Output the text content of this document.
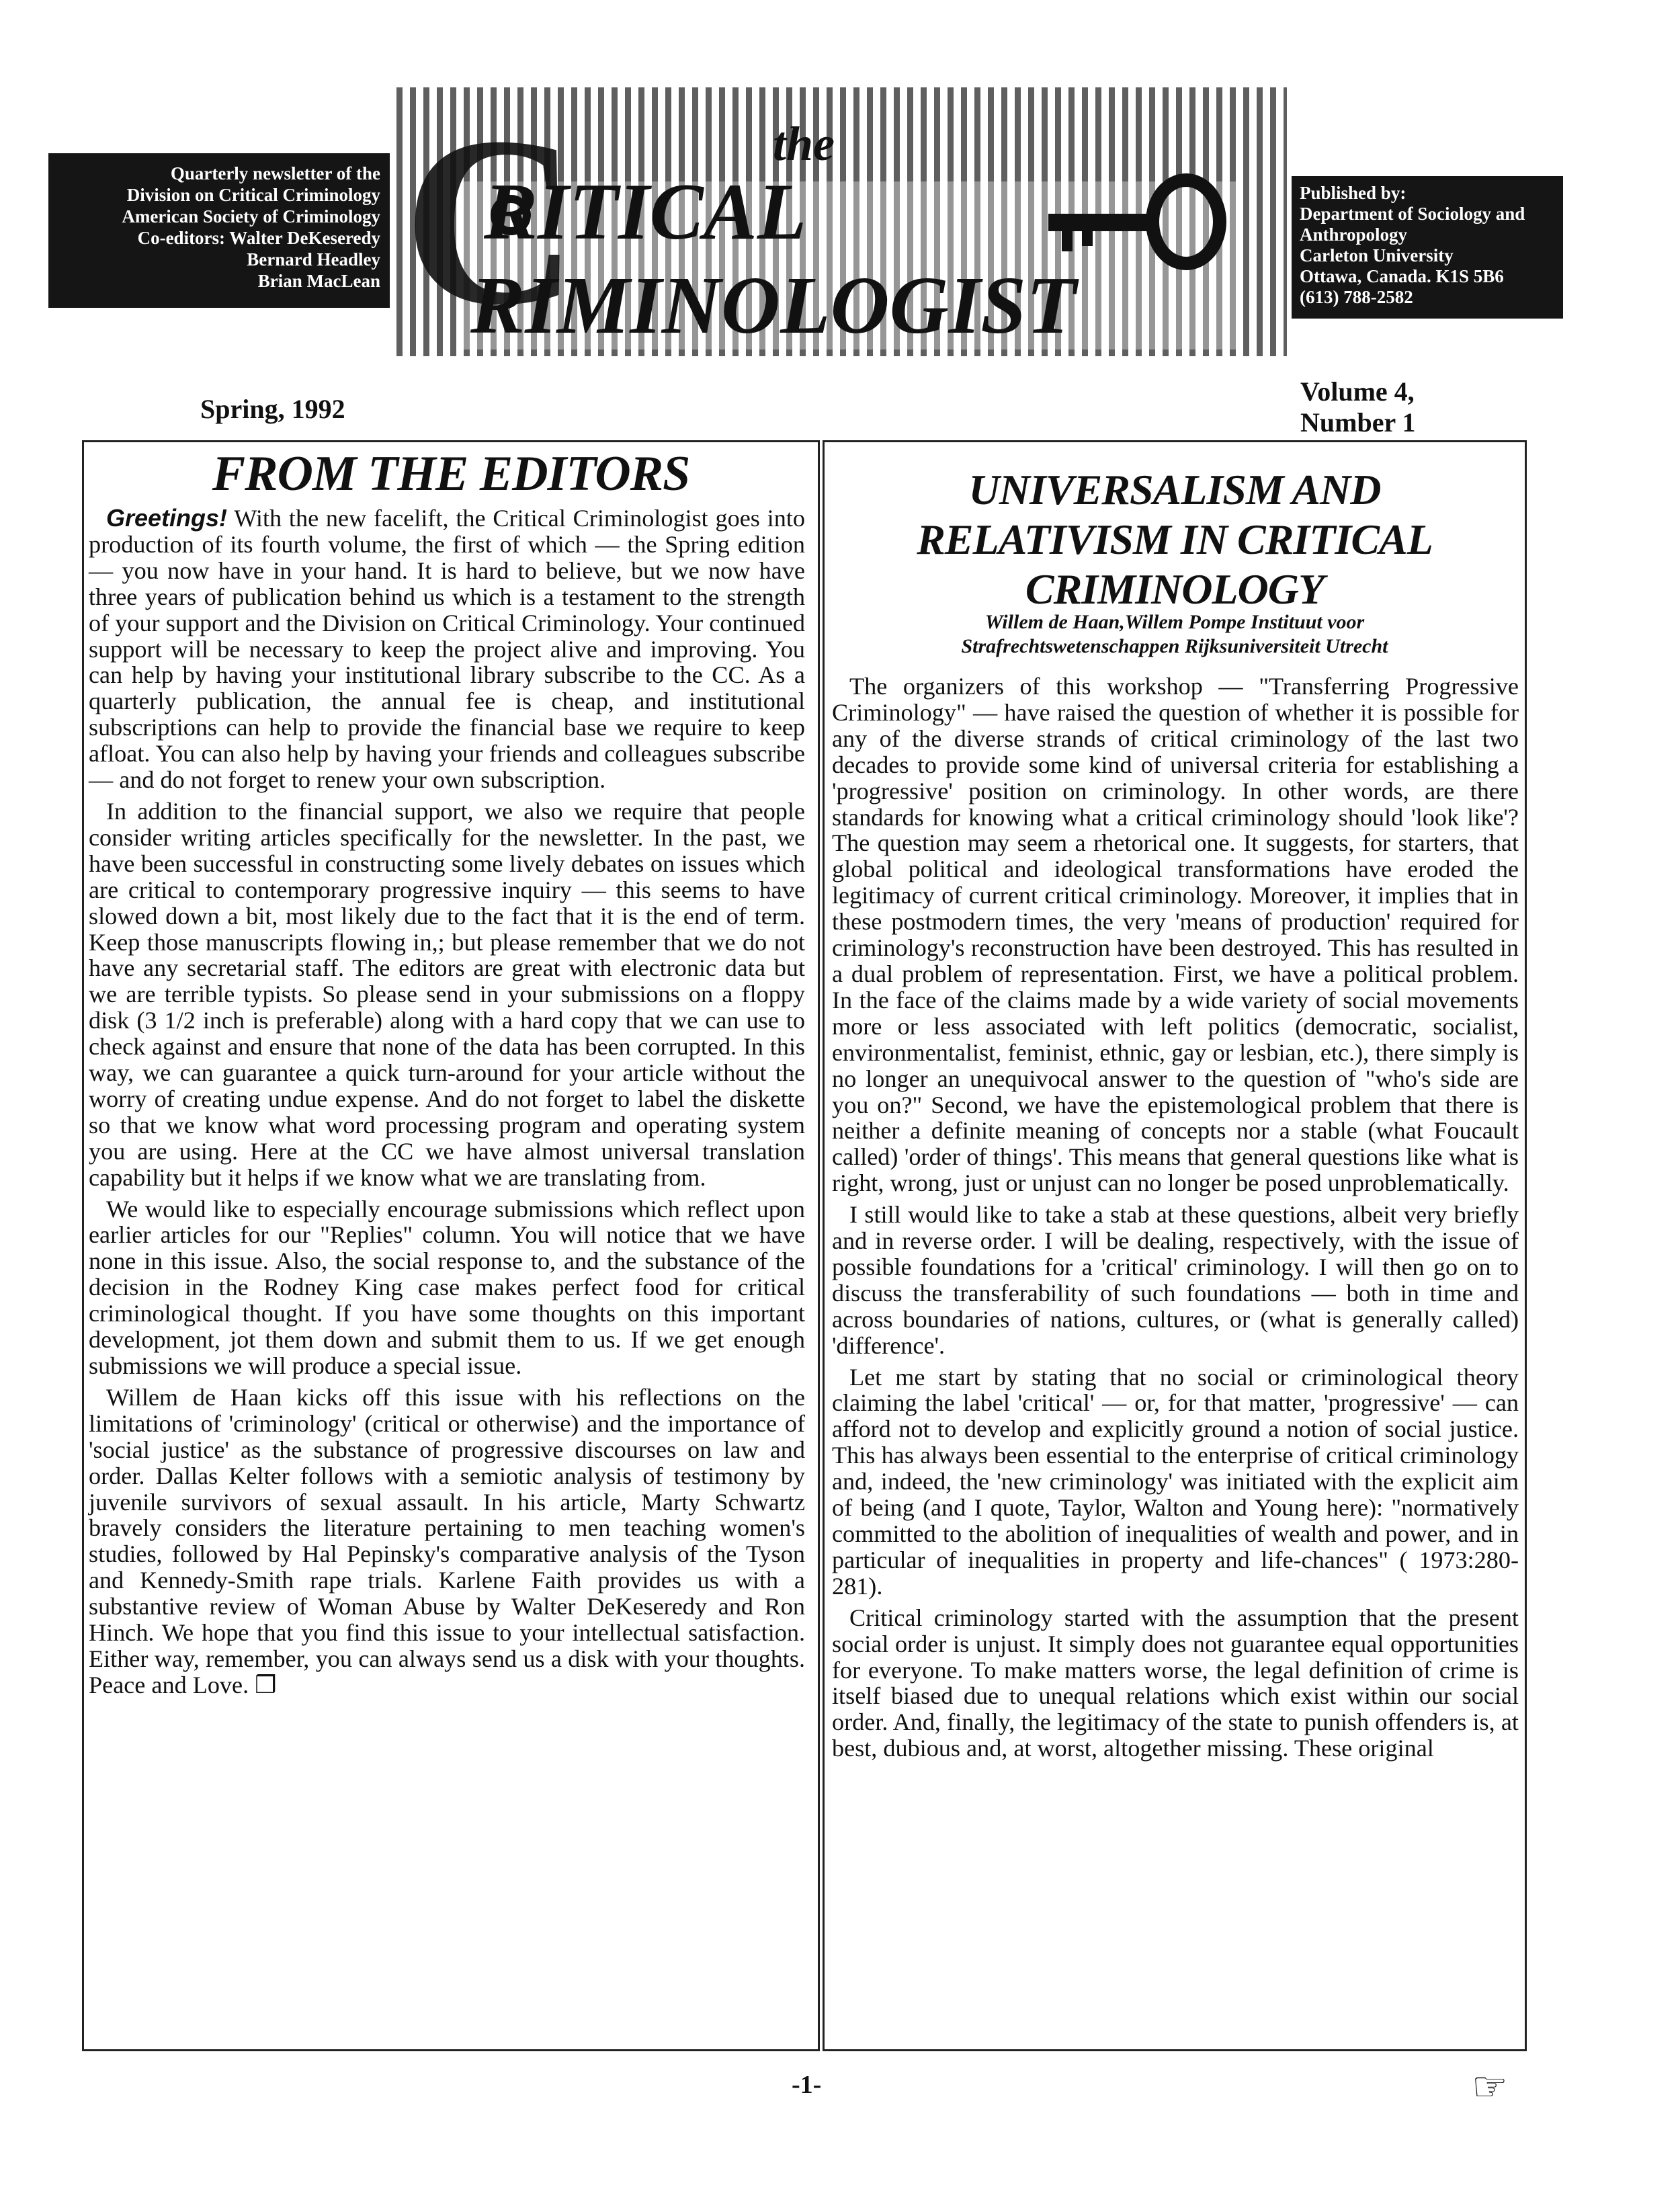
Quarterly newsletter of the
Division on Critical Criminology
American Society of Criminology
Co-editors: Walter DeKeseredy
Bernard Headley
Brian MacLean
the
C
RITICAL
RIMINOLOGIST
Published by:
Department of Sociology and
Anthropology
Carleton University
Ottawa, Canada. K1S 5B6
(613) 788-2582
Spring, 1992
Volume 4,
Number 1
FROM THE EDITORS

Greetings! With the new facelift, the Critical Criminologist goes into production of its fourth volume, the first of which — the Spring edition — you now have in your hand. It is hard to believe, but we now have three years of publication behind us which is a testament to the strength of your support and the Division on Critical Criminology. Your continued support will be necessary to keep the project alive and improving. You can help by having your institutional library subscribe to the CC. As a quarterly publication, the annual fee is cheap, and institutional subscriptions can help to provide the financial base we require to keep afloat. You can also help by having your friends and colleagues subscribe — and do not forget to renew your own subscription.

In addition to the financial support, we also we require that people consider writing articles specifically for the newsletter. In the past, we have been successful in constructing some lively debates on issues which are critical to contemporary progressive inquiry — this seems to have slowed down a bit, most likely due to the fact that it is the end of term. Keep those manuscripts flowing in,; but please remember that we do not have any secretarial staff. The editors are great with electronic data but we are terrible typists. So please send in your submissions on a floppy disk (3 1/2 inch is preferable) along with a hard copy that we can use to check against and ensure that none of the data has been corrupted. In this way, we can guarantee a quick turn-around for your article without the worry of creating undue expense. And do not forget to label the diskette so that we know what word processing program and operating system you are using. Here at the CC we have almost universal translation capability but it helps if we know what we are translating from.

We would like to especially encourage submissions which reflect upon earlier articles for our "Replies" column. You will notice that we have none in this issue. Also, the social response to, and the substance of the decision in the Rodney King case makes perfect food for critical criminological thought. If you have some thoughts on this important development, jot them down and submit them to us. If we get enough submissions we will produce a special issue.

Willem de Haan kicks off this issue with his reflections on the limitations of 'criminology' (critical or otherwise) and the importance of 'social justice' as the substance of progressive discourses on law and order. Dallas Kelter follows with a semiotic analysis of testimony by juvenile survivors of sexual assault. In his article, Marty Schwartz bravely considers the literature pertaining to men teaching women's studies, followed by Hal Pepinsky's comparative analysis of the Tyson and Kennedy-Smith rape trials. Karlene Faith provides us with a substantive review of Woman Abuse by Walter DeKeseredy and Ron Hinch. We hope that you find this issue to your intellectual satisfaction. Either way, remember, you can always send us a disk with your thoughts. Peace and Love. ❒

UNIVERSALISM AND
RELATIVISM IN CRITICAL
CRIMINOLOGY
Willem de Haan,Willem Pompe Instituut voor
Strafrechtswetenschappen Rijksuniversiteit Utrecht

The organizers of this workshop — "Transferring Progressive Criminology" — have raised the question of whether it is possible for any of the diverse strands of critical criminology of the last two decades to provide some kind of universal criteria for establishing a 'progressive' position on criminology. In other words, are there standards for knowing what a critical criminology should 'look like'? The question may seem a rhetorical one. It suggests, for starters, that global political and ideological transformations have eroded the legitimacy of current critical criminology. Moreover, it implies that in these postmodern times, the very 'means of production' required for criminology's reconstruction have been destroyed. This has resulted in a dual problem of representation. First, we have a political problem. In the face of the claims made by a wide variety of social movements more or less associated with left politics (democratic, socialist, environmentalist, feminist, ethnic, gay or lesbian, etc.), there simply is no longer an unequivocal answer to the question of "who's side are you on?" Second, we have the epistemological problem that there is neither a definite meaning of concepts nor a stable (what Foucault called) 'order of things'. This means that general questions like what is right, wrong, just or unjust can no longer be posed unproblematically.

I still would like to take a stab at these questions, albeit very briefly and in reverse order. I will be dealing, respectively, with the issue of possible foundations for a 'critical' criminology. I will then go on to discuss the transferability of such foundations — both in time and across boundaries of nations, cultures, or (what is generally called) 'difference'.

Let me start by stating that no social or criminological theory claiming the label 'critical' — or, for that matter, 'progressive' — can afford not to develop and explicitly ground a notion of social justice. This has always been essential to the enterprise of critical criminology and, indeed, the 'new criminology' was initiated with the explicit aim of being (and I quote, Taylor, Walton and Young here): "normatively committed to the abolition of inequalities of wealth and power, and in particular of inequalities in property and life-chances" ( 1973:280-281).

Critical criminology started with the assumption that the present social order is unjust. It simply does not guarantee equal opportunities for everyone. To make matters worse, the legal definition of crime is itself biased due to unequal relations which exist within our social order. And, finally, the legitimacy of the state to punish offenders is, at best, dubious and, at worst, altogether missing. These original

-1-	☞
